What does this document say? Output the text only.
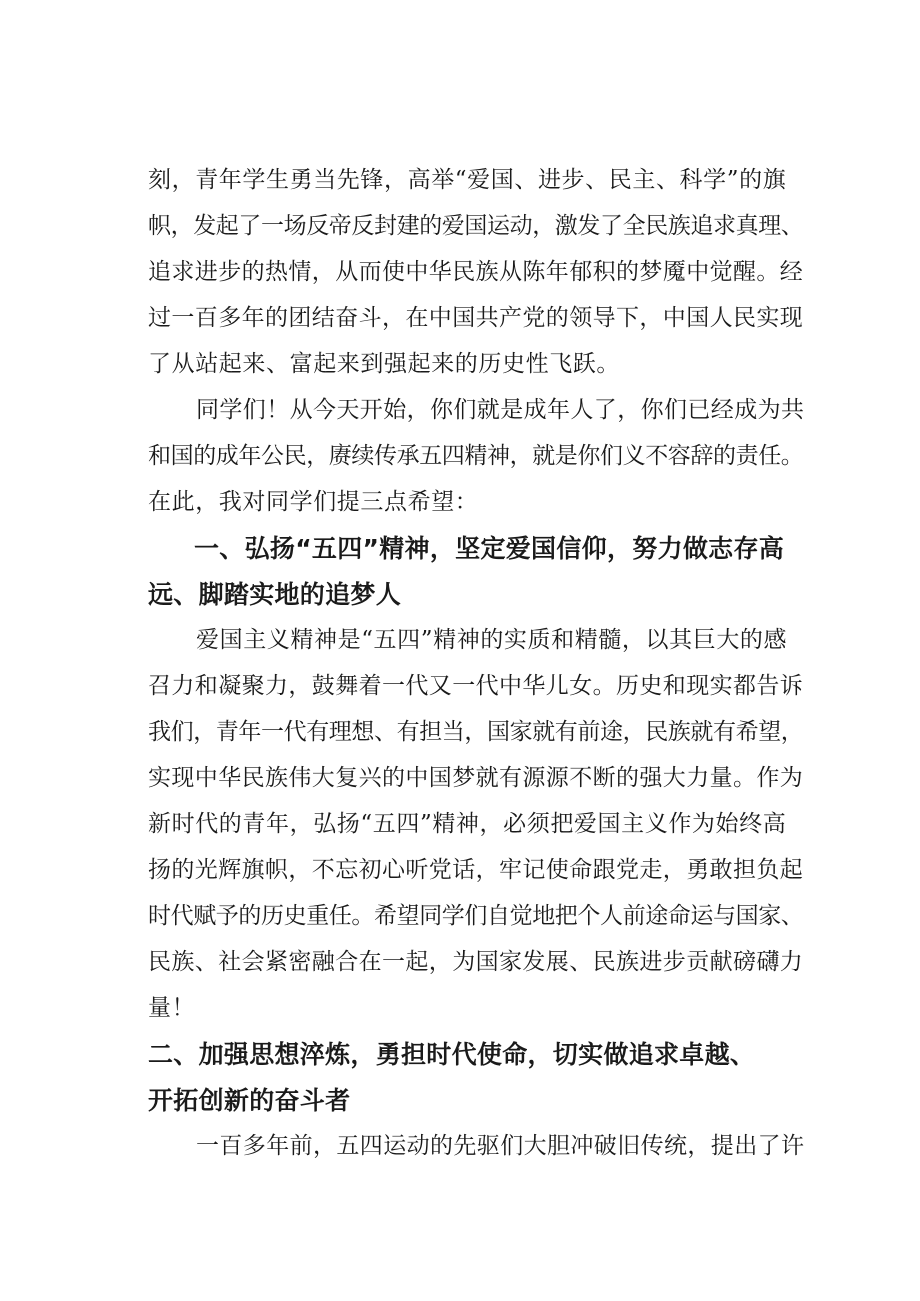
刻，青年学生勇当先锋，高举“爱国、进步、民主、科学”的旗
帜，发起了一场反帝反封建的爱国运动，激发了全民族追求真理、
追求进步的热情，从而使中华民族从陈年郁积的梦魇中觉醒。经
过一百多年的团结奋斗，在中国共产党的领导下，中国人民实现
了从站起来、富起来到强起来的历史性飞跃。
同学们！从今天开始，你们就是成年人了，你们已经成为共
和国的成年公民，赓续传承五四精神，就是你们义不容辞的责任。
在此，我对同学们提三点希望：
一、弘扬“五四”精神，坚定爱国信仰，努力做志存高
远、脚踏实地的追梦人
爱国主义精神是“五四”精神的实质和精髓，以其巨大的感
召力和凝聚力，鼓舞着一代又一代中华儿女。历史和现实都告诉
我们，青年一代有理想、有担当，国家就有前途，民族就有希望，
实现中华民族伟大复兴的中国梦就有源源不断的强大力量。作为
新时代的青年，弘扬“五四”精神，必须把爱国主义作为始终高
扬的光辉旗帜，不忘初心听党话，牢记使命跟党走，勇敢担负起
时代赋予的历史重任。希望同学们自觉地把个人前途命运与国家、
民族、社会紧密融合在一起，为国家发展、民族进步贡献磅礴力
量！
二、加强思想淬炼，勇担时代使命，切实做追求卓越、
开拓创新的奋斗者
一百多年前，五四运动的先驱们大胆冲破旧传统，提出了许
